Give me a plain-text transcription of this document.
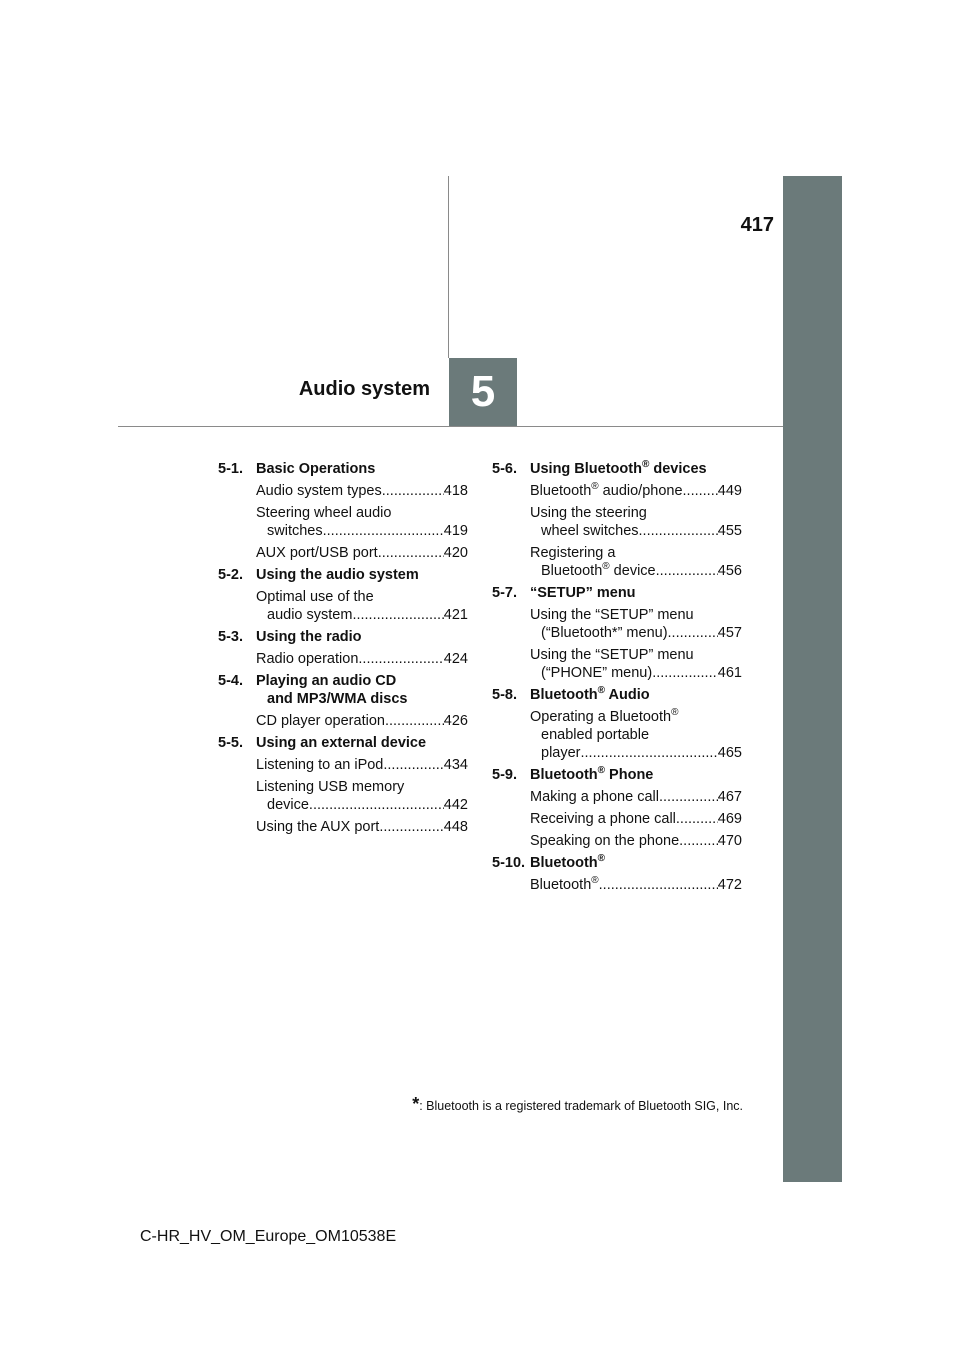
417
5
Audio system
5-1. Basic Operations
Audio system types .....	418
Steering wheel audio
switches .....	419
AUX port/USB port .....	420
5-2. Using the audio system
Optimal use of the
audio system .....	421
5-3. Using the radio
Radio operation .....	424
5-4. Playing an audio CD
and MP3/WMA discs
CD player operation .....	426
5-5. Using an external device
Listening to an iPod .....	434
Listening USB memory
device .....	442
Using the AUX port .....	448
5-6. Using Bluetooth® devices
Bluetooth® audio/phone ..... 449
Using the steering
wheel switches .....	455
Registering a
Bluetooth® device .....	456
5-7. “SETUP” menu
Using the “SETUP” menu
(“Bluetooth*” menu) .....	457
Using the “SETUP” menu
(“PHONE” menu) .....	461
5-8. Bluetooth® Audio
Operating a Bluetooth®
enabled portable
player .....	465
5-9. Bluetooth® Phone
Making a phone call .....	467
Receiving a phone call .....	469
Speaking on the phone .....	470
5-10. Bluetooth®
Bluetooth® .....	472
*: Bluetooth is a registered trademark of Bluetooth SIG, Inc.
C-HR_HV_OM_Europe_OM10538E
